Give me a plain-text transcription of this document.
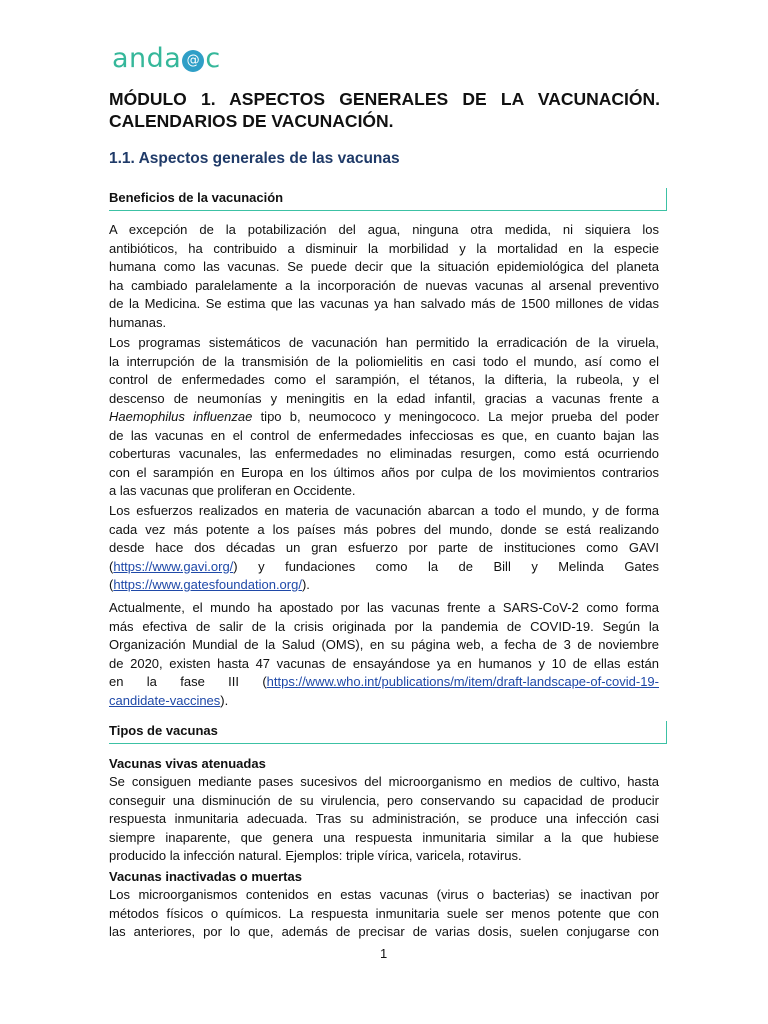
anda @ c
MÓDULO 1. ASPECTOS GENERALES DE LA VACUNACIÓN.
CALENDARIOS DE VACUNACIÓN.
1.1. Aspectos generales de las vacunas
Beneficios de la vacunación
A excepción de la potabilización del agua, ninguna otra medida, ni siquiera los
antibióticos, ha contribuido a disminuir la morbilidad y la mortalidad en la especie
humana como las vacunas. Se puede decir que la situación epidemiológica del planeta
ha cambiado paralelamente a la incorporación de nuevas vacunas al arsenal preventivo
de la Medicina. Se estima que las vacunas ya han salvado más de 1500 millones de vidas
humanas.
Los programas sistemáticos de vacunación han permitido la erradicación de la viruela,
la interrupción de la transmisión de la poliomielitis en casi todo el mundo, así como el
control de enfermedades como el sarampión, el tétanos, la difteria, la rubeola, y el
descenso de neumonías y meningitis en la edad infantil, gracias a vacunas frente a
Haemophilus influenzae tipo b, neumococo y meningococo. La mejor prueba del poder
de las vacunas en el control de enfermedades infecciosas es que, en cuanto bajan las
coberturas vacunales, las enfermedades no eliminadas resurgen, como está ocurriendo
con el sarampión en Europa en los últimos años por culpa de los movimientos contrarios
a las vacunas que proliferan en Occidente.
Los esfuerzos realizados en materia de vacunación abarcan a todo el mundo, y de forma
cada vez más potente a los países más pobres del mundo, donde se está realizando
desde hace dos décadas un gran esfuerzo por parte de instituciones como GAVI
(https://www.gavi.org/) y fundaciones como la de Bill y Melinda Gates
(https://www.gatesfoundation.org/).
Actualmente, el mundo ha apostado por las vacunas frente a SARS-CoV-2 como forma
más efectiva de salir de la crisis originada por la pandemia de COVID-19. Según la
Organización Mundial de la Salud (OMS), en su página web, a fecha de 3 de noviembre
de 2020, existen hasta 47 vacunas de ensayándose ya en humanos y 10 de ellas están
en la fase III (https://www.who.int/publications/m/item/draft-landscape-of-covid-19-
candidate-vaccines).
Tipos de vacunas
Vacunas vivas atenuadas
Se consiguen mediante pases sucesivos del microorganismo en medios de cultivo, hasta
conseguir una disminución de su virulencia, pero conservando su capacidad de producir
respuesta inmunitaria adecuada. Tras su administración, se produce una infección casi
siempre inaparente, que genera una respuesta inmunitaria similar a la que hubiese
producido la infección natural. Ejemplos: triple vírica, varicela, rotavirus.
Vacunas inactivadas o muertas
Los microorganismos contenidos en estas vacunas (virus o bacterias) se inactivan por
métodos físicos o químicos. La respuesta inmunitaria suele ser menos potente que con
las anteriores, por lo que, además de precisar de varias dosis, suelen conjugarse con
1
